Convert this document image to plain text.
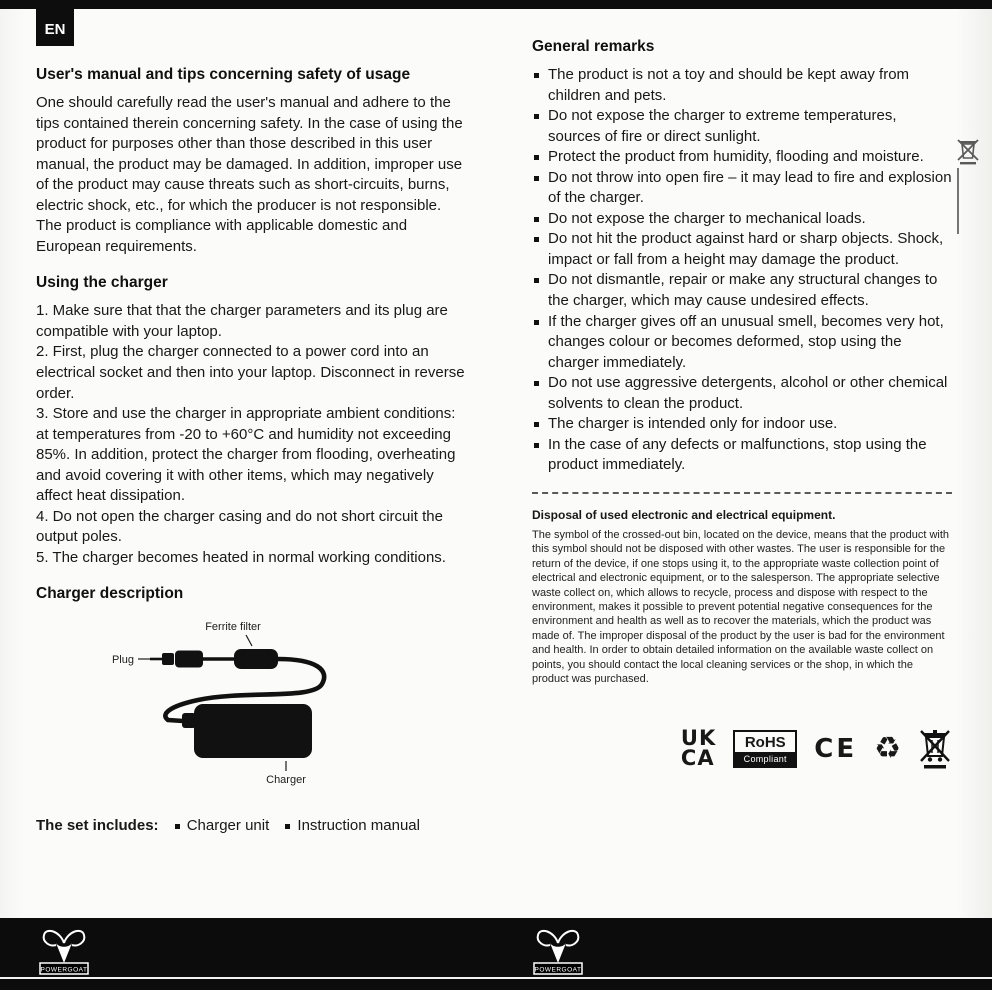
EN
User's manual and tips concerning safety of usage

One should carefully read the user's manual and adhere to the tips contained therein concerning safety. In the case of using the product for purposes other than those described in this user manual, the product may be damaged. In addition, improper use of the product may cause threats such as short-circuits, burns, electric shock, etc., for which the producer is not responsible. The product is compliance with applicable domestic and European requirements.

Using the charger

1. Make sure that that the charger parameters and its plug are compatible with your laptop.

2. First, plug the charger connected to a power cord into an electrical socket and then into your laptop. Disconnect in reverse order.

3. Store and use the charger in appropriate ambient conditions: at temperatures from -20 to +60°C and humidity not exceeding 85%. In addition, protect the charger from flooding, overheating and avoid covering it with other items, which may negatively affect heat dissipation.

4. Do not open the charger casing and do not short circuit the output poles.

5. The charger becomes heated in normal working conditions.

Charger description
Ferrite filter
Plug
Charger
The set includes: Charger unit Instruction manual
General remarks
The product is not a toy and should be kept away from children and pets.
Do not expose the charger to extreme temperatures, sources of fire or direct sunlight.
Protect the product from humidity, flooding and moisture.
Do not throw into open fire – it may lead to fire and explosion of the charger.
Do not expose the charger to mechanical loads.
Do not hit the product against hard or sharp objects. Shock, impact or fall from a height may damage the product.
Do not dismantle, repair or make any structural changes to the charger, which may cause undesired effects.
If the charger gives off an unusual smell, becomes very hot, changes colour or becomes deformed, stop using the charger immediately.
Do not use aggressive detergents, alcohol or other chemical solvents to clean the product.
The charger is intended only for indoor use.
In the case of any defects or malfunctions, stop using the product immediately.
Disposal of used electronic and electrical equipment.

The symbol of the crossed-out bin, located on the device, means that the product with this symbol should not be disposed with other wastes. The user is responsible for the return of the device, if one stops using it, to the appropriate waste collection point of electrical and electronic equipment, or to the salesperson. The appropriate selective waste collect on, which allows to recycle, process and dispose with respect to the environment, makes it possible to prevent potential negative consequences for the environment and health as well as to recover the materials, which the product was made of. The improper disposal of the product by the user is bad for the environment and health. In order to obtain detailed information on the available waste collect on points, you should contact the local cleaning services or the shop, in which the product was purchased.

UK
CA
RoHS
Compliant	CE ♻
POWERGOAT	POWERGOAT
